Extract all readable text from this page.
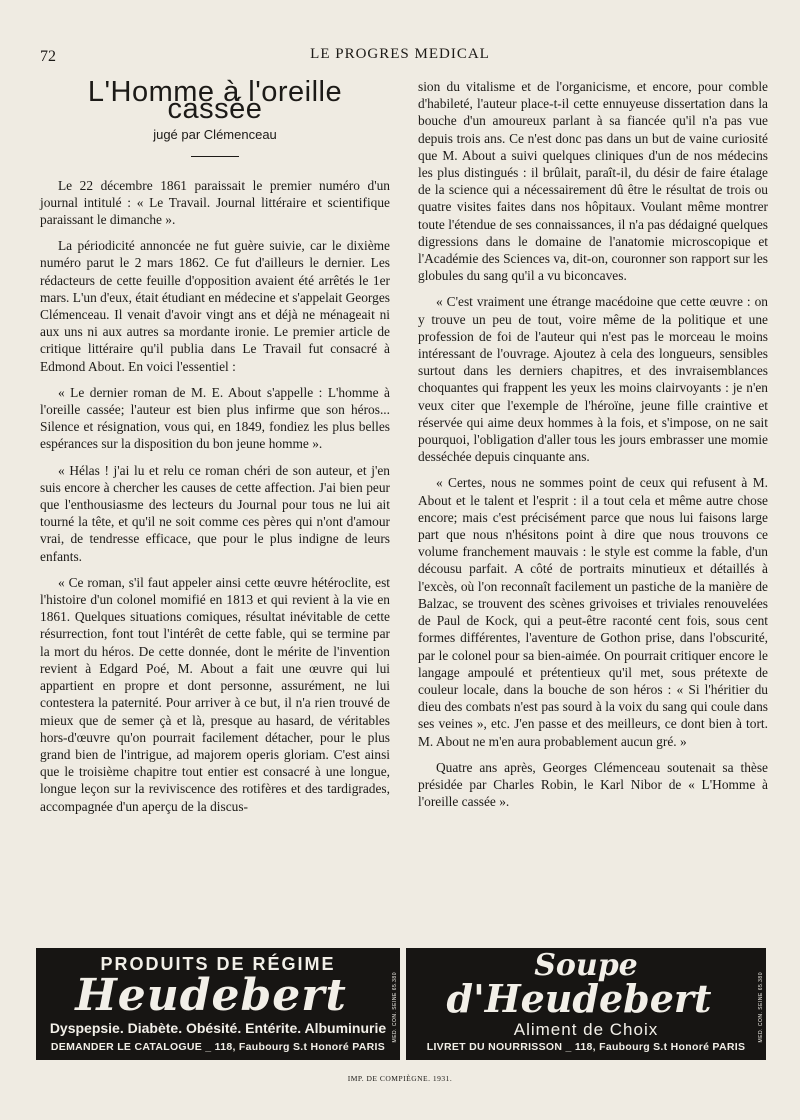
72	LE PROGRES MEDICAL
L'Homme à l'oreille cassée
jugé par Clémenceau

Le 22 décembre 1861 paraissait le premier numéro d'un journal intitulé : « Le Travail. Journal littéraire et scientifique paraissant le dimanche ».

La périodicité annoncée ne fut guère suivie, car le dixième numéro parut le 2 mars 1862. Ce fut d'ailleurs le dernier. Les rédacteurs de cette feuille d'opposition avaient été arrêtés le 1er mars. L'un d'eux, était étudiant en médecine et s'appelait Georges Clémenceau. Il venait d'avoir vingt ans et déjà ne ménageait ni aux uns ni aux autres sa mordante ironie. Le premier article de critique littéraire qu'il publia dans Le Travail fut consacré à Edmond About. En voici l'essentiel :

« Le dernier roman de M. E. About s'appelle : L'homme à l'oreille cassée; l'auteur est bien plus infirme que son héros... Silence et résignation, vous qui, en 1849, fondiez les plus belles espérances sur la disposition du bon jeune homme ».

« Hélas ! j'ai lu et relu ce roman chéri de son auteur, et j'en suis encore à chercher les causes de cette affection. J'ai bien peur que l'enthousiasme des lecteurs du Journal pour tous ne lui ait tourné la tête, et qu'il ne soit comme ces pères qui n'ont d'amour vrai, de tendresse efficace, que pour le plus indigne de leurs enfants.

« Ce roman, s'il faut appeler ainsi cette œuvre hétéroclite, est l'histoire d'un colonel momifié en 1813 et qui revient à la vie en 1861. Quelques situations comiques, résultat inévitable de cette résurrection, font tout l'intérêt de cette fable, qui se termine par la mort du héros. De cette donnée, dont le mérite de l'invention revient à Edgard Poé, M. About a fait une œuvre qui lui appartient en propre et dont personne, assurément, ne lui contestera la paternité. Pour arriver à ce but, il n'a rien trouvé de mieux que de semer çà et là, presque au hasard, de véritables hors-d'œuvre qu'on pourrait facilement détacher, pour le plus grand bien de l'intrigue, ad majorem operis gloriam. C'est ainsi que le troisième chapitre tout entier est consacré à une longue, longue leçon sur la reviviscence des rotifères et des tardigrades, accompagnée d'un aperçu de la discus-

sion du vitalisme et de l'organicisme, et encore, pour comble d'habileté, l'auteur place-t-il cette ennuyeuse dissertation dans la bouche d'un amoureux parlant à sa fiancée qu'il n'a pas vue depuis trois ans. Ce n'est donc pas dans un but de vaine curiosité que M. About a suivi quelques cliniques d'un de nos médecins les plus distingués : il brûlait, paraît-il, du désir de faire étalage de la science qui a nécessairement dû être le résultat de trois ou quatre visites faites dans nos hôpitaux. Voulant même montrer toute l'étendue de ses connaissances, il n'a pas dédaigné quelques digressions dans le domaine de l'anatomie microscopique et l'Académie des Sciences va, dit-on, couronner son rapport sur les globules du sang qu'il a vu biconcaves.

« C'est vraiment une étrange macédoine que cette œuvre : on y trouve un peu de tout, voire même de la politique et une profession de foi de l'auteur qui n'est pas le morceau le moins intéressant de l'ouvrage. Ajoutez à cela des longueurs, sensibles surtout dans les derniers chapitres, et des invraisemblances choquantes qui frappent les yeux les moins clairvoyants : je n'en veux citer que l'exemple de l'héroïne, jeune fille craintive et réservée qui aime deux hommes à la fois, et s'impose, on ne sait pourquoi, l'obligation d'aller tous les jours embrasser une momie desséchée depuis cinquante ans.

« Certes, nous ne sommes point de ceux qui refusent à M. About et le talent et l'esprit : il a tout cela et même autre chose encore; mais c'est précisément parce que nous lui faisons large part que nous n'hésitons point à dire que nous trouvons ce volume franchement mauvais : le style est comme la fable, d'un décousu parfait. A côté de portraits minutieux et détaillés à l'excès, où l'on reconnaît facilement un pastiche de la manière de Balzac, se trouvent des scènes grivoises et triviales renouvelées de Paul de Kock, qui a peut-être raconté cent fois, sous cent formes différentes, l'aventure de Gothon prise, dans l'obscurité, par le colonel pour sa bien-aimée. On pourrait critiquer encore le langage ampoulé et prétentieux qu'il met, sous prétexte de couleur locale, dans la bouche de son héros : « Si l'héritier du dieu des combats n'est pas sourd à la voix du sang qui coule dans ses veines », etc. J'en passe et des meilleurs, ce dont bien à tort. M. About ne m'en aura probablement aucun gré. »

Quatre ans après, Georges Clémenceau soutenait sa thèse présidée par Charles Robin, le Karl Nibor de « L'Homme à l'oreille cassée ».

PRODUITS DE RÉGIME
Heudebert
Dyspepsie. Diabète. Obésité. Entérite. Albuminurie
DEMANDER LE CATALOGUE _ 118, Faubourg S.t Honoré PARIS
MED. CON. SEINE 65.380
Soupe
d'Heudebert
Aliment de Choix
LIVRET DU NOURRISSON _ 118, Faubourg S.t Honoré PARIS
MED. CON. SEINE 65.380
IMP. DE COMPIÈGNE. 1931.
